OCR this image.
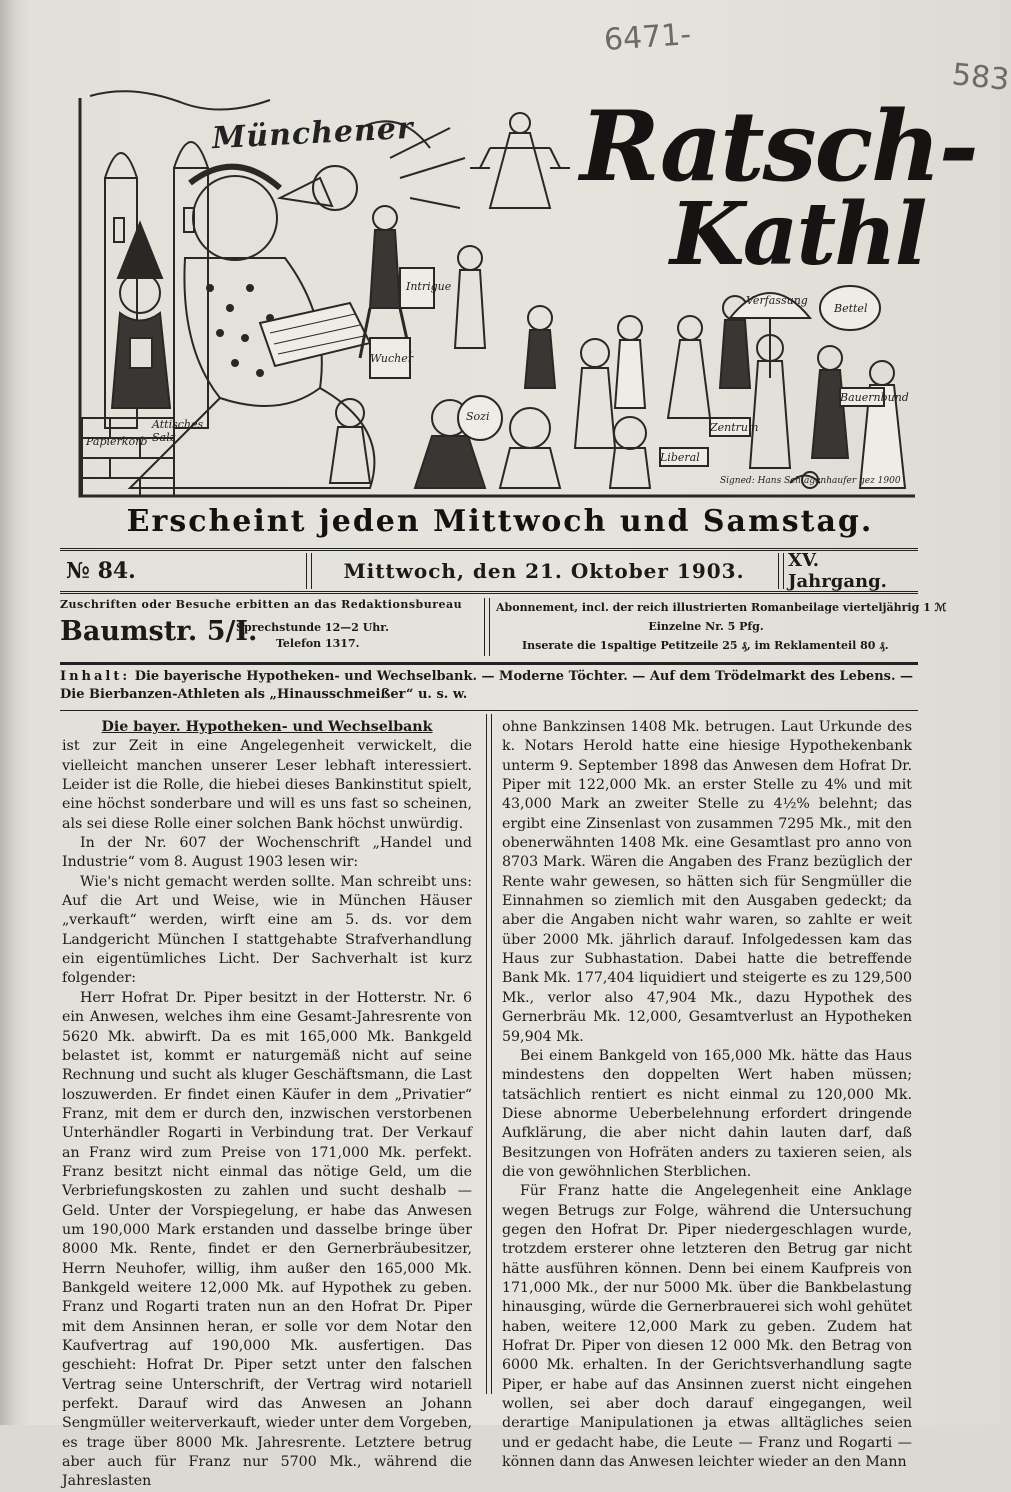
6471-
583
Münchener Ratsch-
Kathl
Papierkorb
Attisches Salz
Intrigue
Verfassung
Zentrum
Bauernbund
Liberal
Sozi
Bettel
Wucher
Signed: Hans Schlagenhaufer gez 1900
Erscheint jeden Mittwoch und Samstag.
№ 84.	Mittwoch, den 21. Oktober 1903.	XV. Jahrgang.
Zuschriften oder Besuche erbitten an das Redaktionsbureau
Baumstr. 5/I.
Sprechstunde 12—2 Uhr.
Telefon 1317.
Abonnement, incl. der reich illustrierten Romanbeilage vierteljährig 1 ℳ
Einzelne Nr. 5 Pfg.
Inserate die 1spaltige Petitzeile 25 ₰, im Reklamenteil 80 ₰.
Inhalt: Die bayerische Hypotheken- und Wechselbank. — Moderne Töchter. — Auf dem Trödelmarkt des Lebens. — Die Bierbanzen-Athleten als „Hinausschmeißer“ u. s. w.

Die bayer. Hypotheken- und Wechselbank

ist zur Zeit in eine Angelegenheit verwickelt, die vielleicht manchen unserer Leser lebhaft interessiert. Leider ist die Rolle, die hiebei dieses Bankinstitut spielt, eine höchst sonderbare und will es uns fast so scheinen, als sei diese Rolle einer solchen Bank höchst unwürdig.

In der Nr. 607 der Wochenschrift „Handel und Industrie“ vom 8. August 1903 lesen wir:

Wie's nicht gemacht werden sollte. Man schreibt uns: Auf die Art und Weise, wie in München Häuser „verkauft“ werden, wirft eine am 5. ds. vor dem Landgericht München I stattgehabte Strafverhandlung ein eigentümliches Licht. Der Sachverhalt ist kurz folgender:

Herr Hofrat Dr. Piper besitzt in der Hotterstr. Nr. 6 ein Anwesen, welches ihm eine Gesamt-Jahresrente von 5620 Mk. abwirft. Da es mit 165,000 Mk. Bankgeld belastet ist, kommt er naturgemäß nicht auf seine Rechnung und sucht als kluger Geschäftsmann, die Last loszuwerden. Er findet einen Käufer in dem „Privatier“ Franz, mit dem er durch den, inzwischen verstorbenen Unterhändler Rogarti in Verbindung trat. Der Verkauf an Franz wird zum Preise von 171,000 Mk. perfekt. Franz besitzt nicht einmal das nötige Geld, um die Verbriefungskosten zu zahlen und sucht deshalb — Geld. Unter der Vorspiegelung, er habe das Anwesen um 190,000 Mark erstanden und dasselbe bringe über 8000 Mk. Rente, findet er den Gernerbräubesitzer, Herrn Neuhofer, willig, ihm außer den 165,000 Mk. Bankgeld weitere 12,000 Mk. auf Hypothek zu geben. Franz und Rogarti traten nun an den Hofrat Dr. Piper mit dem Ansinnen heran, er solle vor dem Notar den Kaufvertrag auf 190,000 Mk. ausfertigen. Das geschieht: Hofrat Dr. Piper setzt unter den falschen Vertrag seine Unterschrift, der Vertrag wird notariell perfekt. Darauf wird das Anwesen an Johann Sengmüller weiterverkauft, wieder unter dem Vorgeben, es trage über 8000 Mk. Jahresrente. Letztere betrug aber auch für Franz nur 5700 Mk., während die Jahreslasten

ohne Bankzinsen 1408 Mk. betrugen. Laut Urkunde des k. Notars Herold hatte eine hiesige Hypothekenbank unterm 9. September 1898 das Anwesen dem Hofrat Dr. Piper mit 122,000 Mk. an erster Stelle zu 4% und mit 43,000 Mark an zweiter Stelle zu 4½% belehnt; das ergibt eine Zinsenlast von zusammen 7295 Mk., mit den obenerwähnten 1408 Mk. eine Gesamtlast pro anno von 8703 Mark. Wären die Angaben des Franz bezüglich der Rente wahr gewesen, so hätten sich für Sengmüller die Einnahmen so ziemlich mit den Ausgaben gedeckt; da aber die Angaben nicht wahr waren, so zahlte er weit über 2000 Mk. jährlich darauf. Infolgedessen kam das Haus zur Subhastation. Dabei hatte die betreffende Bank Mk. 177,404 liquidiert und steigerte es zu 129,500 Mk., verlor also 47,904 Mk., dazu Hypothek des Gernerbräu Mk. 12,000, Gesamtverlust an Hypotheken 59,904 Mk.

Bei einem Bankgeld von 165,000 Mk. hätte das Haus mindestens den doppelten Wert haben müssen; tatsächlich rentiert es nicht einmal zu 120,000 Mk. Diese abnorme Ueberbelehnung erfordert dringende Aufklärung, die aber nicht dahin lauten darf, daß Besitzungen von Hofräten anders zu taxieren seien, als die von gewöhnlichen Sterblichen.

Für Franz hatte die Angelegenheit eine Anklage wegen Betrugs zur Folge, während die Untersuchung gegen den Hofrat Dr. Piper niedergeschlagen wurde, trotzdem ersterer ohne letzteren den Betrug gar nicht hätte ausführen können. Denn bei einem Kaufpreis von 171,000 Mk., der nur 5000 Mk. über die Bankbelastung hinausging, würde die Gernerbrauerei sich wohl gehütet haben, weitere 12,000 Mark zu geben. Zudem hat Hofrat Dr. Piper von diesen 12 000 Mk. den Betrag von 6000 Mk. erhalten. In der Gerichtsverhandlung sagte Piper, er habe auf das Ansinnen zuerst nicht eingehen wollen, sei aber doch darauf eingegangen, weil derartige Manipulationen ja etwas alltägliches seien und er gedacht habe, die Leute — Franz und Rogarti — können dann das Anwesen leichter wieder an den Mann
